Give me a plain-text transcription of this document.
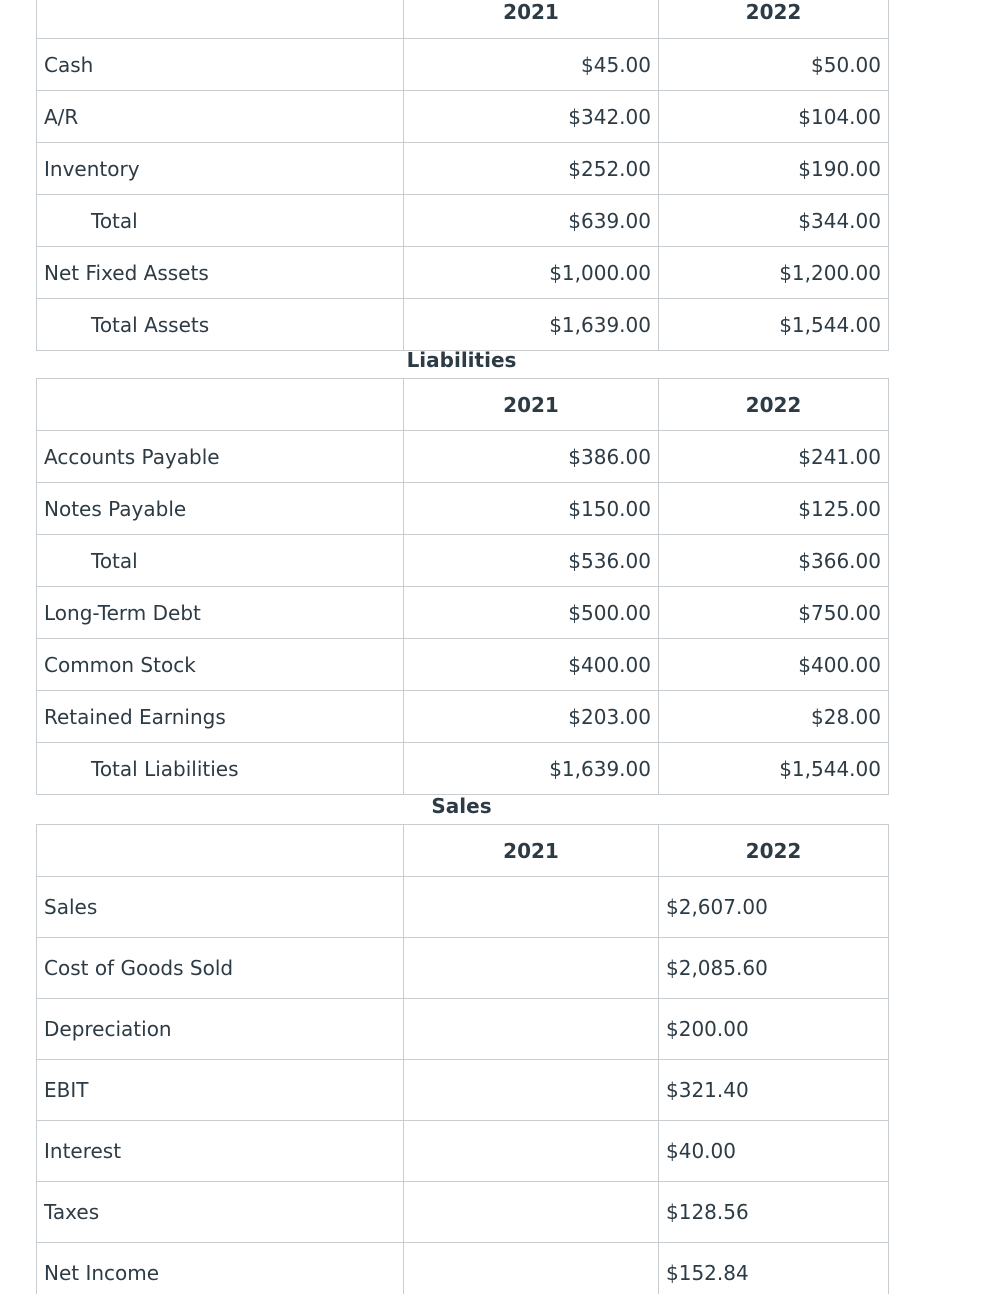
	2021	2022
Cash	$45.00	$50.00
A/R	$342.00	$104.00
Inventory	$252.00	$190.00
Total	$639.00	$344.00
Net Fixed Assets	$1,000.00	$1,200.00
Total Assets	$1,639.00	$1,544.00
Liabilities
	2021	2022
Accounts Payable	$386.00	$241.00
Notes Payable	$150.00	$125.00
Total	$536.00	$366.00
Long-Term Debt	$500.00	$750.00
Common Stock	$400.00	$400.00
Retained Earnings	$203.00	$28.00
Total Liabilities	$1,639.00	$1,544.00
Sales
	2021	2022
Sales		$2,607.00
Cost of Goods Sold		$2,085.60
Depreciation		$200.00
EBIT		$321.40
Interest		$40.00
Taxes		$128.56
Net Income		$152.84
